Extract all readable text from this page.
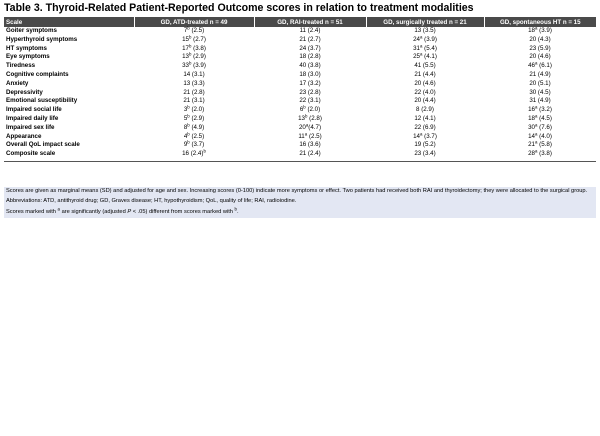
Table 3. Thyroid-Related Patient-Reported Outcome scores in relation to treatment modalities
Scale	GD, ATD-treated n = 49	GD, RAI-treated n = 51	GD, surgically treated n = 21	GD, spontaneous HT n = 15
Goiter symptoms	7$^b$ (2.5)	11 (2.4)	13 (3.5)	18$^a$ (3.9)
Hyperthyroid symptoms	15$^b$ (2.7)	21 (2.7)	24$^a$ (3.9)	20 (4.3)
HT symptoms	17$^b$ (3.8)	24 (3.7)	31$^a$ (5.4)	23 (5.9)
Eye symptoms	13$^b$ (2.9)	18 (2.8)	25$^a$ (4.1)	20 (4.6)
Tiredness	33$^b$ (3.9)	40 (3.8)	41 (5.5)	46$^a$ (6.1)
Cognitive complaints	14 (3.1)	18 (3.0)	21 (4.4)	21 (4.9)
Anxiety	13 (3.3)	17 (3.2)	20 (4.6)	20 (5.1)
Depressivity	21 (2.8)	23 (2.8)	22 (4.0)	30 (4.5)
Emotional susceptibility	21 (3.1)	22 (3.1)	20 (4.4)	31 (4.9)
Impaired social life	3$^b$ (2.0)	6$^b$ (2.0)	8 (2.9)	16$^a$ (3.2)
Impaired daily life	5$^b$ (2.9)	13$^b$ (2.8)	12 (4.1)	18$^a$ (4.5)
Impaired sex life	8$^b$ (4.9)	20$^a$(4.7)	22 (6.9)	30$^a$ (7.6)
Appearance	4$^b$ (2.5)	11$^a$ (2.5)	14$^a$ (3.7)	14$^a$ (4.0)
Overall QoL impact scale	9$^b$ (3.7)	16 (3.6)	19 (5.2)	21$^a$ (5.8)
Composite scale	16 $(2.4)^b$	21 (2.4)	23 (3.4)	28$^a$ (3.8)

Scores are given as marginal means (SD) and adjusted for age and sex. Increasing scores (0-100) indicate more symptoms or effect. Two patients had received both RAI and thyroidectomy; they were allocated to the surgical group.

Abbreviations: ATD, antithyroid drug; GD, Graves disease; HT, hypothyroidism; QoL, quality of life; RAI, radioiodine.

Scores marked with $^a$ are significantly (adjusted P < .05) different from scores marked with $^b$.
